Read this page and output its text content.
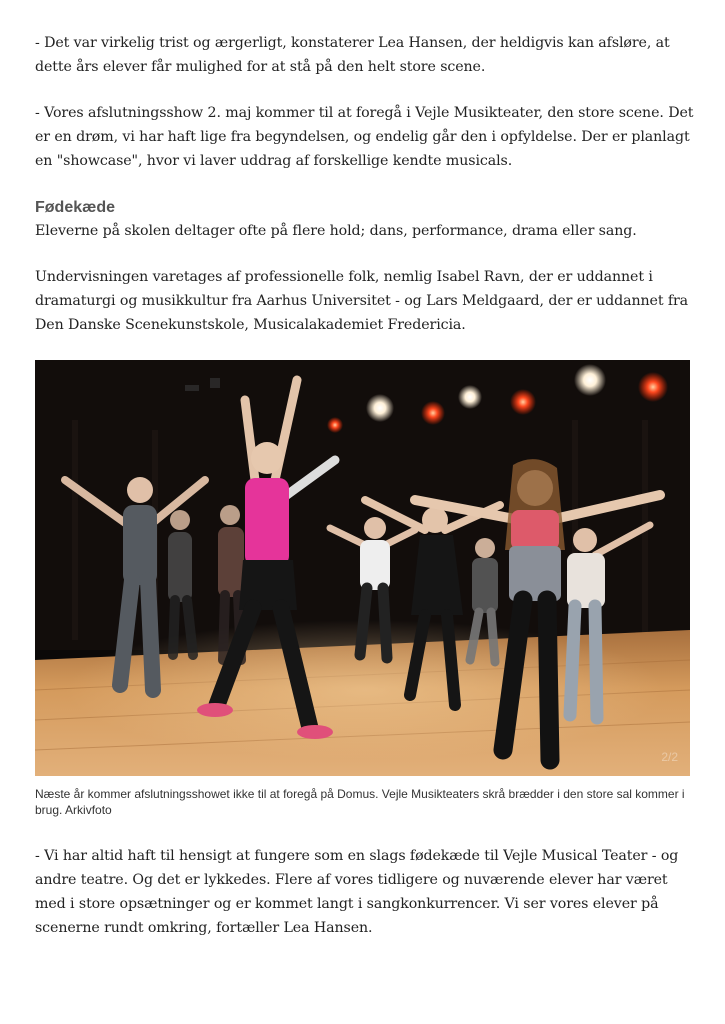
- Det var virkelig trist og ærgerligt, konstaterer Lea Hansen, der heldigvis kan afsløre, at dette års elever får mulighed for at stå på den helt store scene.

- Vores afslutningsshow 2. maj kommer til at foregå i Vejle Musikteater, den store scene. Det er en drøm, vi har haft lige fra begyndelsen, og endelig går den i opfyldelse. Der er planlagt en "showcase", hvor vi laver uddrag af forskellige kendte musicals.

Fødekæde

Eleverne på skolen deltager ofte på flere hold; dans, performance, drama eller sang.

Undervisningen varetages af professionelle folk, nemlig Isabel Ravn, der er uddannet i dramaturgi og musikkultur fra Aarhus Universitet - og Lars Meldgaard, der er uddannet fra Den Danske Scenekunstskole, Musicalakademiet Fredericia.

2/2
Næste år kommer afslutningsshowet ikke til at foregå på Domus. Vejle Musikteaters skrå brædder i den store sal kommer i brug. Arkivfoto

- Vi har altid haft til hensigt at fungere som en slags fødekæde til Vejle Musical Teater - og andre teatre. Og det er lykkedes. Flere af vores tidligere og nuværende elever har været med i store opsætninger og er kommet langt i sangkonkurrencer. Vi ser vores elever på scenerne rundt omkring, fortæller Lea Hansen.
